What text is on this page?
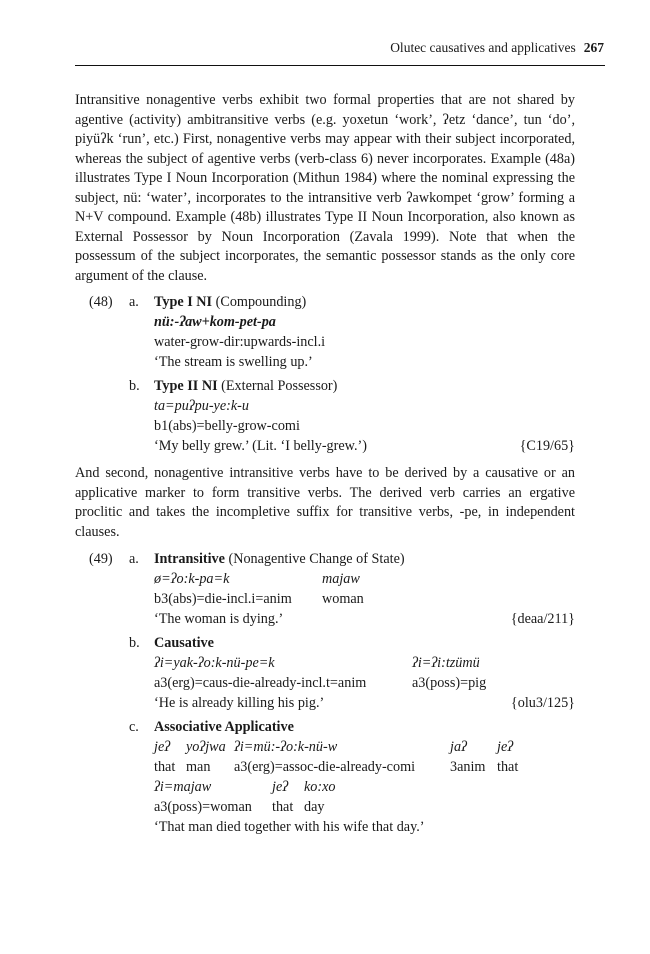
Olutec causatives and applicatives 267

Intransitive nonagentive verbs exhibit two formal properties that are not shared by agentive (activity) ambitransitive verbs (e.g. yoxetun ‘work’, ʔetz ‘dance’, tun ‘do’, piyüʔk ‘run’, etc.) First, nonagentive verbs may appear with their subject incorporated, whereas the subject of agentive verbs (verb-class 6) never incorporates. Example (48a) illustrates Type I Noun Incorporation (Mithun 1984) where the nominal expressing the subject, nü: ‘water’, incorporates to the intransitive verb ʔawkompet ‘grow’ forming a N+V compound. Example (48b) illustrates Type II Noun Incorporation, also known as External Possessor by Noun Incorporation (Zavala 1999). Note that when the possessum of the subject incorporates, the semantic possessor stands as the only core argument of the clause.

(48) a. Type I NI (Compounding)
nü:-ʔaw+kom-pet-pa
water-grow-dir:upwards-incl.i
‘The stream is swelling up.’
b. Type II NI (External Possessor)
ta=puʔpu-ye:k-u
b1(abs)=belly-grow-comi
‘My belly grew.’ (Lit. ‘I belly-grew.’)	{C19/65}

And second, nonagentive intransitive verbs have to be derived by a causative or an applicative marker to form transitive verbs. The derived verb carries an ergative proclitic and takes the incompletive suffix for transitive verbs, -pe, in independent clauses.

(49) a. Intransitive (Nonagentive Change of State)
ø=ʔo:k-pa=k	majaw
b3(abs)=die-incl.i=anim woman
‘The woman is dying.’	{deaa/211}
b. Causative
ʔi=yak-ʔo:k-nü-pe=k	ʔi=ʔi:tzümü
a3(erg)=caus-die-already-incl.t=anim	a3(poss)=pig
‘He is already killing his pig.’	{olu3/125}
c. Associative Applicative
jeʔ yoʔjwa ʔi=mü:-ʔo:k-nü-w	jaʔ jeʔ
that man a3(erg)=assoc-die-already-comi 3anim that
ʔi=majaw	jeʔ ko:xo
a3(poss)=woman that day
‘That man died together with his wife that day.’
